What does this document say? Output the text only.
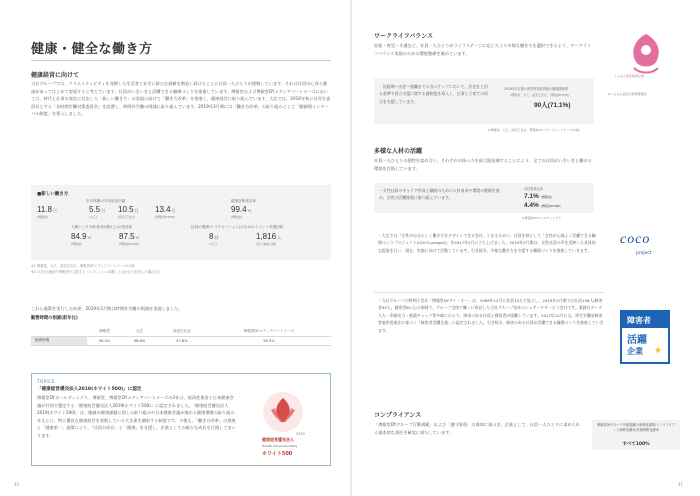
健康・健全な働き方
健康経営に向けて
当社グループでは、クリエイティビティを発揮した生活者と社会に新たな価値を創造し続けることに社員一人ひとりが挑戦しています。それは社員の心身と健康があってはじめて実現すると考えています。社員がいきいきと活躍できる職場づくりを推進しています。博報堂および博報堂DYメディアパートナーズにおいては、時代と仕事の変化に対応した「新しい働き方」の実現に向けて「働き方改革」を推進し、健康経営に取り組んでいます。大広では、2016年秋に社長を委員長とする「長時間労働対策委員会」を設置し、時間外労働の削減に取り組んでいます。2019年3月期には「働き方改革」の取り組みとして「勤務間インターバル制度」を導入しました。
■新しい働き方
年次休暇の平均取得日数
11.8日
(博報堂)
5.5日
(大広)
10.5日
(読売広告社)
13.4日
(博報堂DYMP)
健康診断受診率
99.4%
(博報堂)
人間ドック対象者(35歳以上)の受診率
84.9%
(博報堂)
87.5%
(博報堂DYMP)
社員の健康(リラクセーション)のためのイベント実施回数
8回
(大広)
1,816人
(延べ参加人数)
※1 博報堂、大広、読売広告社、博報堂DYメディアパートナーズの4社
※2 平日5日連続で博報堂が主催する「リフレッシュ休暇」と合わせて取得した場合など
これら施策を実行した結果、2019年3月期は時間外労働の削減を実現しました。
勤務時間の削減(前年比)
	博報堂	大広	読売広告社	博報堂DYメディアパートナーズ
勤務時間	96.3%	98.6%	97.8%	96.3%
TOPICS
「健康経営優良法人2019(ホワイト500)」に認定
博報堂DYホールディングス、博報堂、博報堂DYメディアパートナーズの3社は、経済産業省と日本健康会議が共同で選定する「健康経営優良法人2019(ホワイト500)」に認定されました。「健康経営優良法人2019(ホワイト500)」は、地域の健康課題に即した取り組みや日本健康会議が進める健康増進の取り組みをもとに、特に優良な健康経営を実践している大企業を顕彰する制度です。今後も、「働き方改革」の推進と「健康第一」施策により、「社員の成長」と「健康」を支援し、企業としての新たな成長を目指してまいります。	2019
健康経営優良法人
Health and productivity
ホワイト500
40
ワークライフバランス
妊娠・育児・介護など、社員一人ひとりがライフステージに応じたより多様な働き方を選択できるよう、ワークライフバランス実現のための環境整備を進めています。
・妊娠期～出産～復職までの各ステップにおいて、法定を上回る基準で両立支援に関する諸制度を導入し、仕事と子育ての両立を支援しています。
2019年3月期の育児休業取得後の職場復帰率
(博報堂、大広、読売広告社、博報堂DYMP)
90人(71.1%)
※博報堂、大広、読売広告社、博報堂DYメディアパートナーズの4社
くるみん認定取得企業
※くるみん認定の取得博報堂
多様な人材の活躍
社員一人ひとりの個性を認め合い、それぞれの持つ力を最大限発揮することにより、全ての社員がいきいきと働ける環境を目指しています。
・女性社員のキャリア形成と継続のための人材育成や環境の整備を進め、女性の活躍推進に取り組んでいます。
女性役員比率
7.1% (博報堂)
4.4% (博報堂DYMP)
※博報堂DYホールディングス
・大広では「女性が自分らしく働き方をデザインできる会社」となるために、社員を核として「女性が心地よく活躍できる職場づくりプロジェクト(COCO-project)」を2017年1月に立ち上げました。2019年3月期は、女性社員の声を反映した具体的な提案を行い、現在、実施に向けて活動しています。引き続き、多様な働き方を支援する職場づくりを推進していきます。
coco
project
・当社グループの特例子会社「博報堂DYアイ・オー」は、1989年12月に社員14人で設立し、2019年3月期では社員156人(障害者95人、健常者61人)の体制で、グループ全体で働くに成長した当社グループ各社のシェアードサービス会社です。業務はデータ入力・印刷出力・植栽チェック等多岐にわたり、障害のある社員と健常者が協働しています。2017年12月には、厚生労働省障害者雇用促進法に基づく「障害者活躍企業」に認定されました。引き続き、障害のある社員が活躍できる職場づくりを推進していきます。
障害者
活躍
企業 ★
コンプライアンス
「博報堂DYグループ行動規範」および「遵守事項」の周知に基づき、企業として、社員一人ひとりに求められる基本的な責任を確実に果たしています。
博報堂DYグループ行動規範の研修受講率/コンプライアンス研修受講率/法務研修受講率
すべて100%
41
